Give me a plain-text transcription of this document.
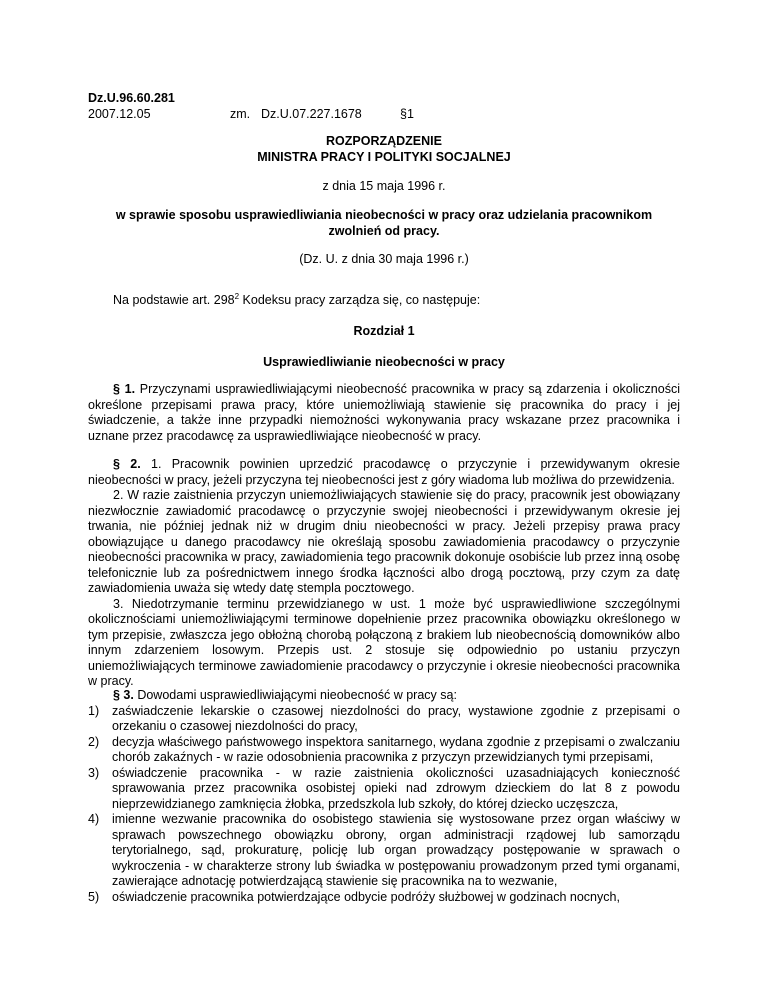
Dz.U.96.60.281
2007.12.05	zm. Dz.U.07.227.1678	§1
ROZPORZĄDZENIE
MINISTRA PRACY I POLITYKI SOCJALNEJ
z dnia 15 maja 1996 r.
w sprawie sposobu usprawiedliwiania nieobecności w pracy oraz udzielania pracownikom
zwolnień od pracy.
(Dz. U. z dnia 30 maja 1996 r.)
Na podstawie art. $298^2$ Kodeksu pracy zarządza się, co następuje:
Rozdział 1
Usprawiedliwianie nieobecności w pracy

§ 1. Przyczynami usprawiedliwiającymi nieobecność pracownika w pracy są zdarzenia i okoliczności określone przepisami prawa pracy, które uniemożliwiają stawienie się pracownika do pracy i jej świadczenie, a także inne przypadki niemożności wykonywania pracy wskazane przez pracownika i uznane przez pracodawcę za usprawiedliwiające nieobecność w pracy.

§ 2. 1. Pracownik powinien uprzedzić pracodawcę o przyczynie i przewidywanym okresie nieobecności w pracy, jeżeli przyczyna tej nieobecności jest z góry wiadoma lub możliwa do przewidzenia.

2. W razie zaistnienia przyczyn uniemożliwiających stawienie się do pracy, pracownik jest obowiązany niezwłocznie zawiadomić pracodawcę o przyczynie swojej nieobecności i przewidywanym okresie jej trwania, nie później jednak niż w drugim dniu nieobecności w pracy. Jeżeli przepisy prawa pracy obowiązujące u danego pracodawcy nie określają sposobu zawiadomienia pracodawcy o przyczynie nieobecności pracownika w pracy, zawiadomienia tego pracownik dokonuje osobiście lub przez inną osobę telefonicznie lub za pośrednictwem innego środka łączności albo drogą pocztową, przy czym za datę zawiadomienia uważa się wtedy datę stempla pocztowego.

3. Niedotrzymanie terminu przewidzianego w ust. 1 może być usprawiedliwione szczególnymi okolicznościami uniemożliwiającymi terminowe dopełnienie przez pracownika obowiązku określonego w tym przepisie, zwłaszcza jego obłożną chorobą połączoną z brakiem lub nieobecnością domowników albo innym zdarzeniem losowym. Przepis ust. 2 stosuje się odpowiednio po ustaniu przyczyn uniemożliwiających terminowe zawiadomienie pracodawcy o przyczynie i okresie nieobecności pracownika w pracy.

§ 3. Dowodami usprawiedliwiającymi nieobecność w pracy są:

1) zaświadczenie lekarskie o czasowej niezdolności do pracy, wystawione zgodnie z przepisami o orzekaniu o czasowej niezdolności do pracy,
2) decyzja właściwego państwowego inspektora sanitarnego, wydana zgodnie z przepisami o zwalczaniu chorób zakaźnych - w razie odosobnienia pracownika z przyczyn przewidzianych tymi przepisami,
3) oświadczenie pracownika - w razie zaistnienia okoliczności uzasadniających konieczność sprawowania przez pracownika osobistej opieki nad zdrowym dzieckiem do lat 8 z powodu nieprzewidzianego zamknięcia żłobka, przedszkola lub szkoły, do której dziecko uczęszcza,
4) imienne wezwanie pracownika do osobistego stawienia się wystosowane przez organ właściwy w sprawach powszechnego obowiązku obrony, organ administracji rządowej lub samorządu terytorialnego, sąd, prokuraturę, policję lub organ prowadzący postępowanie w sprawach o wykroczenia - w charakterze strony lub świadka w postępowaniu prowadzonym przed tymi organami, zawierające adnotację potwierdzającą stawienie się pracownika na to wezwanie,
5) oświadczenie pracownika potwierdzające odbycie podróży służbowej w godzinach nocnych,
